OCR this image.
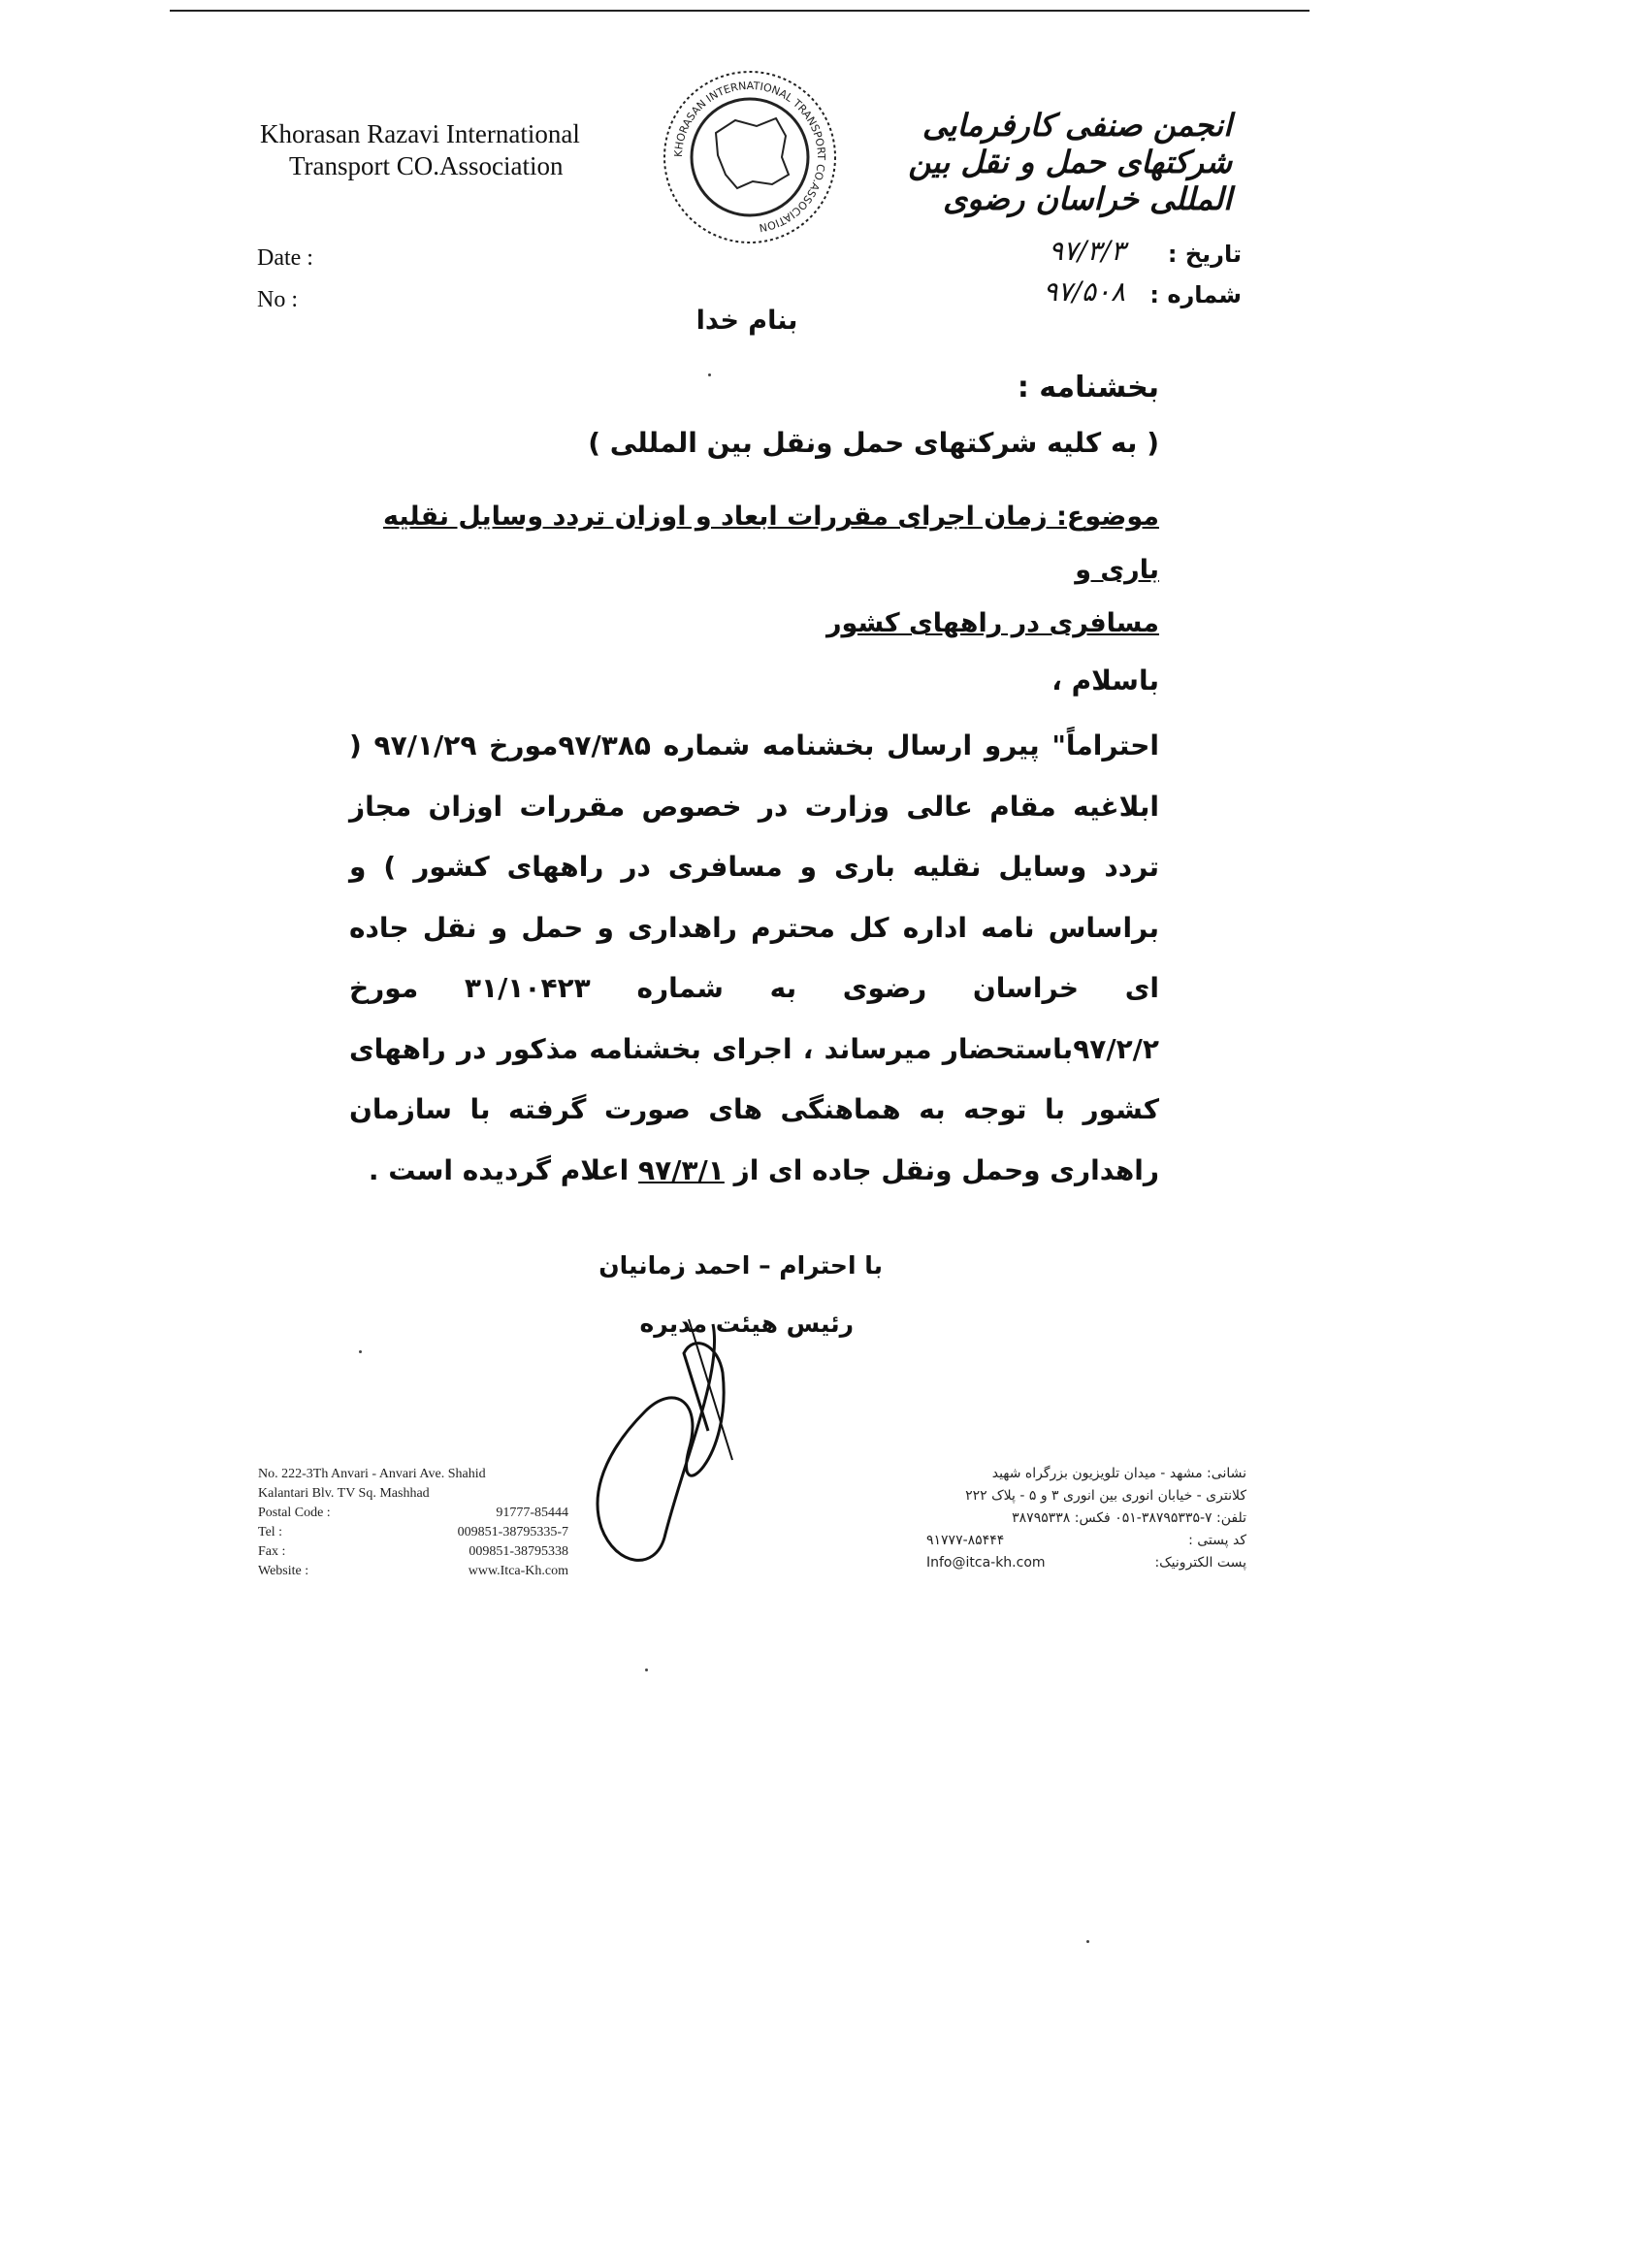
Khorasan Razavi International
Transport CO.Association	KHORASAN INTERNATIONAL TRANSPORT CO.ASSOCIATION
انجمن صنفی کارفرمایی شرکتهای حمل و نقل بین المللی خراسان رضوی
Date :
No :
تاریخ :
۹۷/۳/۳
شماره :
۹۷/۵۰۸
بنام خدا
بخشنامه :
( به کلیه شرکتهای حمل ونقل بین المللی )
موضوع: زمان اجرای مقررات ابعاد و اوزان تردد وسایل نقلیه باری و
مسافری در راههای کشور
باسلام ،
احتراماً" پیرو ارسال بخشنامه شماره ۹۷/۳۸۵مورخ ۹۷/۱/۲۹ ( ابلاغیه مقام عالی وزارت در خصوص مقررات اوزان مجاز تردد وسایل نقلیه باری و مسافری در راههای کشور ) و براساس نامه اداره کل محترم راهداری و حمل و نقل جاده ای خراسان رضوی به شماره ۳۱/۱۰۴۲۳ مورخ ۹۷/۲/۲باستحضار میرساند ، اجرای بخشنامه مذکور در راههای کشور با توجه به هماهنگی های صورت گرفته با سازمان راهداری وحمل ونقل جاده ای از ۹۷/۳/۱ اعلام گردیده است .
با احترام – احمد زمانیان
رئیس هیئت مدیره
No. 222-3Th Anvari - Anvari Ave. Shahid
Kalantari Blv. TV Sq. Mashhad
Postal Code :	91777-85444
Tel :	009851-38795335-7
Fax :	009851-38795338
Website :	www.Itca-Kh.com
نشانی: مشهد - میدان تلویزیون بزرگراه شهید
کلانتری - خیابان انوری بین انوری ۳ و ۵ - پلاک ۲۲۲
تلفن: ۷-۳۸۷۹۵۳۳۵-۰۵۱ فکس: ۳۸۷۹۵۳۳۸
کد پستی :
۹۱۷۷۷-۸۵۴۴۴
پست الکترونیک:
Info@itca-kh.com
